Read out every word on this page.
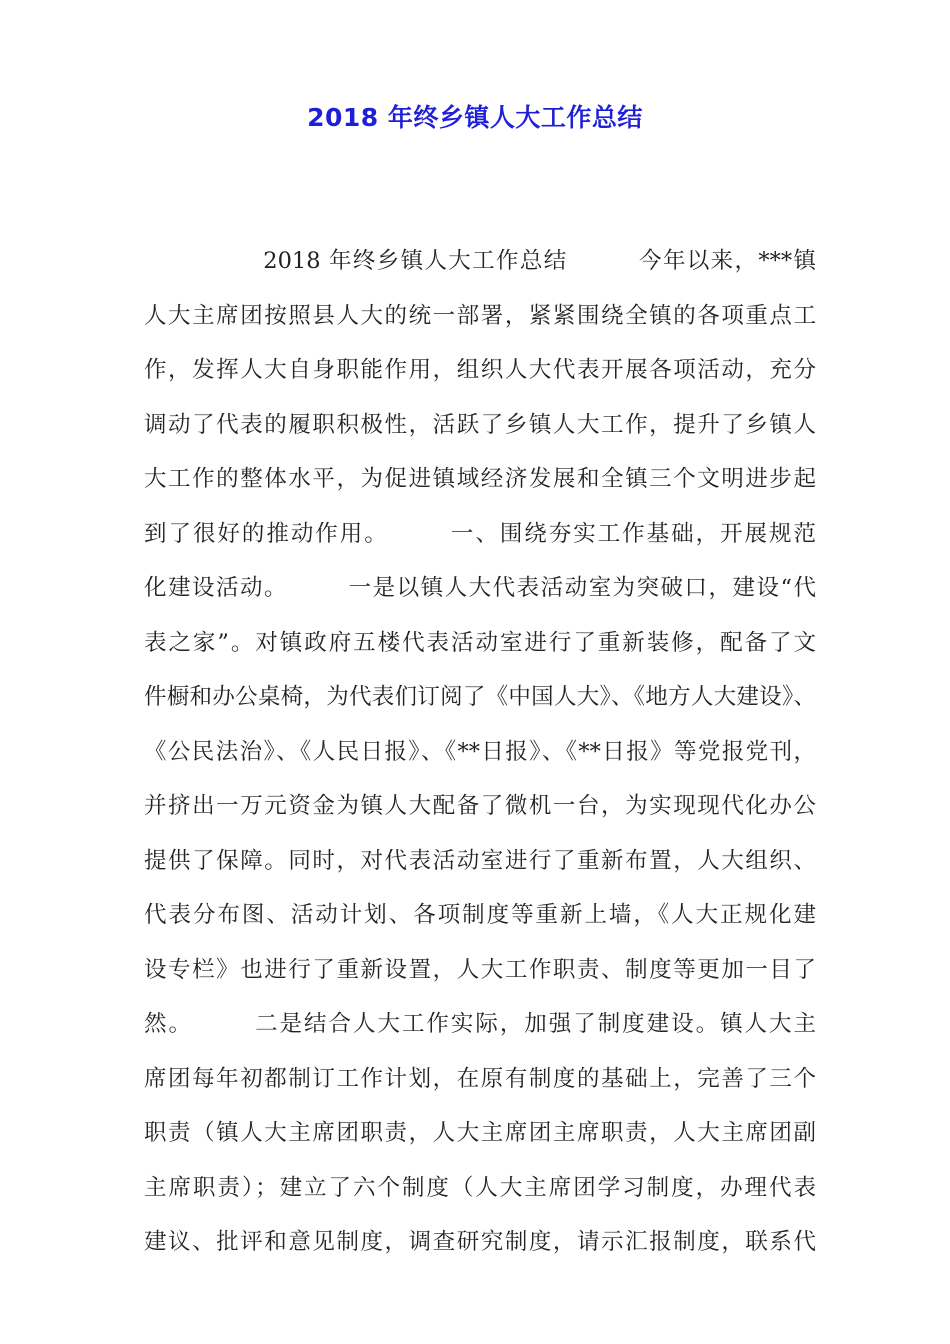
2018 年终乡镇人大工作总结
　　　　　2018 年终乡镇人大工作总结　　　今年以来，***镇
人大主席团按照县人大的统一部署，紧紧围绕全镇的各项重点工
作，发挥人大自身职能作用，组织人大代表开展各项活动，充分
调动了代表的履职积极性，活跃了乡镇人大工作，提升了乡镇人
大工作的整体水平，为促进镇域经济发展和全镇三个文明进步起
到了很好的推动作用。　　　一、围绕夯实工作基础，开展规范
化建设活动。　　　一是以镇人大代表活动室为突破口，建设“代
表之家”。对镇政府五楼代表活动室进行了重新装修，配备了文
件橱和办公桌椅，为代表们订阅了《中国人大》、《地方人大建设》、
《公民法治》、《人民日报》、《**日报》、《**日报》等党报党刊，
并挤出一万元资金为镇人大配备了微机一台，为实现现代化办公
提供了保障。同时，对代表活动室进行了重新布置，人大组织、
代表分布图、活动计划、各项制度等重新上墙，《人大正规化建
设专栏》也进行了重新设置，人大工作职责、制度等更加一目了
然。　　　二是结合人大工作实际，加强了制度建设。镇人大主
席团每年初都制订工作计划，在原有制度的基础上，完善了三个
职责（镇人大主席团职责，人大主席团主席职责，人大主席团副
主席职责）；建立了六个制度（人大主席团学习制度，办理代表
建议、批评和意见制度，调查研究制度，请示汇报制度，联系代
